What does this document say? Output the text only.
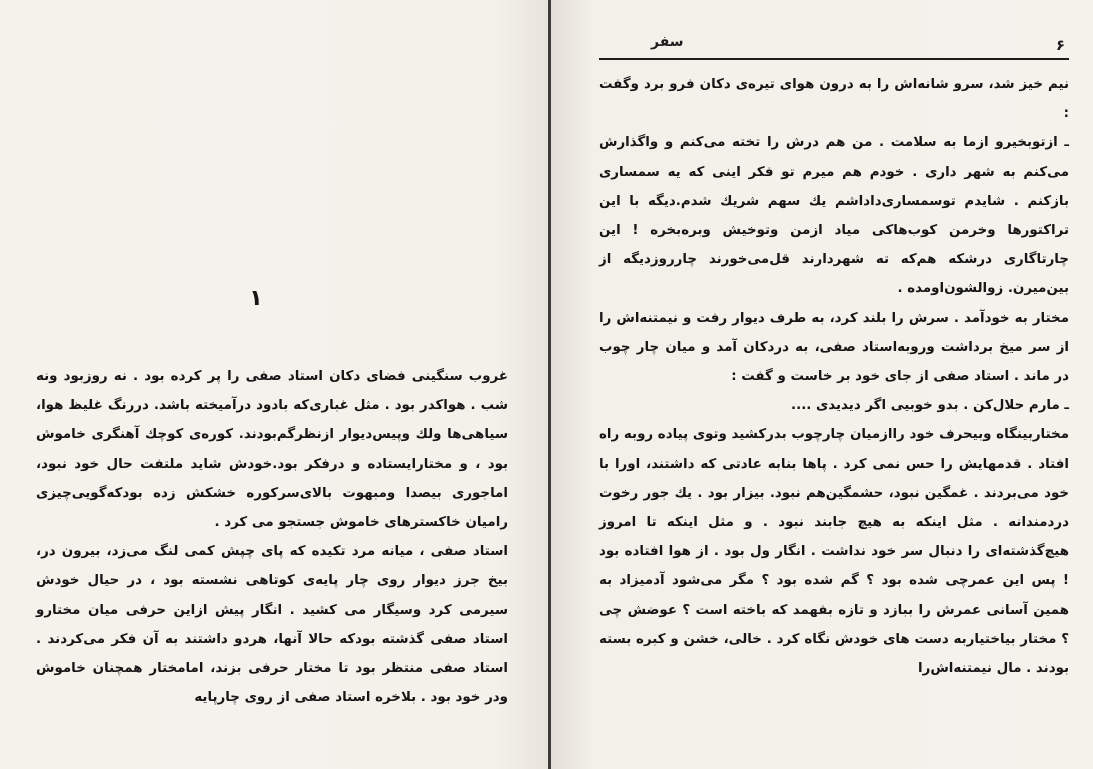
۱

غروب سنگینی فضای دکان استاد صفی را پر کرده بود . نه روزبود ونه شب . هواکدر بود . مثل غباری‌که بادود درآمیخته باشد. دررنگ غلیظ هوا، سیاهی‌ها ولك وپیس‌دیوار ازنظرگم‌بودند. کوره‌ی کوچك آهنگری خاموش بود ، و مختارایستاده و درفکر بود.خودش شاید ملتفت حال خود نبود، اماجوری بیصدا ومبهوت بالای‌سرکوره خشکش زده بودکه‌گویی‌چیزی رامیان خاکسترهای خاموش جستجو می کرد .

استاد صفی ، میانه مرد تکیده که پای چپش کمی لنگ می‌زد، بیرون در، بیخ جرز دیوار روی چار پایه‌ی کوتاهی نشسته بود ، در حیال خودش سیرمی کرد وسیگار می کشید . انگار پیش ازاین حرفی میان مختارو استاد صفی گذشته بودکه حالا آنها، هردو داشتند به آن فکر می‌کردند . استاد صفی منتظر بود تا مختار حرفی بزند، امامختار همچنان خاموش ودر خود بود . بلاخره استاد صفی از روی چارپایه

۶
سفر

نیم خیز شد، سرو شانه‌اش را به درون هوای تیره‌ی دکان فرو برد وگفت :

ـ ازتوبخیرو ازما به سلامت . من هم درش را تخته می‌کنم و واگذارش می‌کنم به شهر داری . خودم هم میرم تو فکر اینی که یه سمساری بازکنم . شایدم توسمساری‌داداشم یك سهم شریك شدم.دیگه با این تراکتورها وخرمن کوب‌هاکی میاد ازمن وتوخیش وبره‌بخره ! این چارتاگاری درشکه هم‌که ته شهردارند قل‌می‌خورند چارروزدیگه از بین‌میرن. زوالشون‌اومده .

مختار به خودآمد . سرش را بلند کرد، به طرف دیوار رفت و نیمتنه‌اش را از سر میخ برداشت وروبه‌استاد صفی، به دردکان آمد و میان چار چوب در ماند . استاد صفی از جای خود بر خاست و گفت :

ـ مارم حلال‌کن . بدو خوبیی اگر دیدیدی ....

مختاربینگاه وبیحرف خود راازمیان چارچوب بدرکشید وتوی پیاده روبه راه افتاد . قدمهایش را حس نمی کرد . پاها بنابه عادتی که داشتند، اورا با خود می‌بردند . غمگین نبود، حشمگین‌هم نبود. بیزار بود . یك جور رخوت دردمندانه . مثل اینکه به هیچ جابند نبود . و مثل اینکه تا امروز هیچ‌گذشته‌ای را دنبال سر خود نداشت . انگار ول بود . از هوا افتاده بود ! پس این عمرچی شده بود ؟ گم شده بود ؟ مگر می‌شود آدمیزاد به همین آسانی عمرش را ببازد و تازه بفهمد که باخته است ؟ عوضش چی ؟ مختار بیاختیاربه دست های خودش نگاه کرد . خالی، خشن و کبره بسته بودند . مال نیمتنه‌اش‌را
